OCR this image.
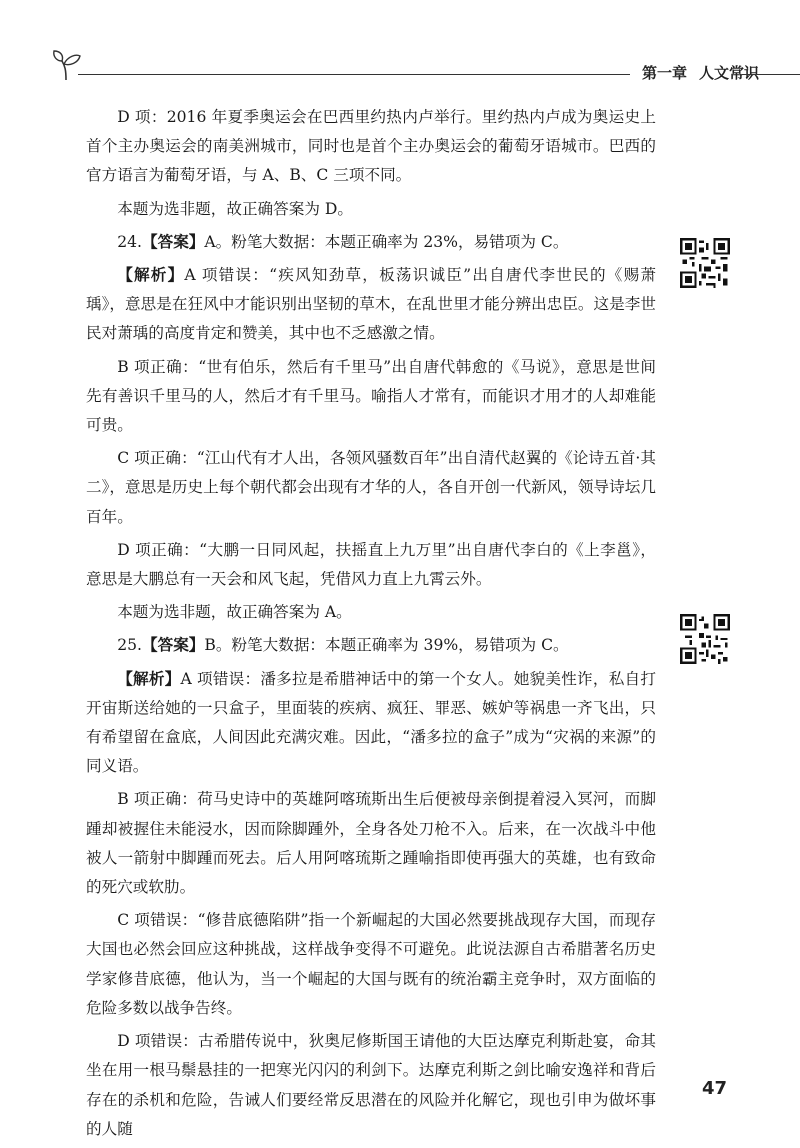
第一章 人文常识

D 项：2016 年夏季奥运会在巴西里约热内卢举行。里约热内卢成为奥运史上首个主办奥运会的南美洲城市，同时也是首个主办奥运会的葡萄牙语城市。巴西的官方语言为葡萄牙语，与 A、B、C 三项不同。

本题为选非题，故正确答案为 D。

24.【答案】A。粉笔大数据：本题正确率为 23%，易错项为 C。

【解析】A 项错误：“疾风知劲草，板荡识诚臣”出自唐代李世民的《赐萧瑀》，意思是在狂风中才能识别出坚韧的草木，在乱世里才能分辨出忠臣。这是李世民对萧瑀的高度肯定和赞美，其中也不乏感激之情。

B 项正确：“世有伯乐，然后有千里马”出自唐代韩愈的《马说》，意思是世间先有善识千里马的人，然后才有千里马。喻指人才常有，而能识才用才的人却难能可贵。

C 项正确：“江山代有才人出，各领风骚数百年”出自清代赵翼的《论诗五首·其二》，意思是历史上每个朝代都会出现有才华的人，各自开创一代新风，领导诗坛几百年。

D 项正确：“大鹏一日同风起，扶摇直上九万里”出自唐代李白的《上李邕》，意思是大鹏总有一天会和风飞起，凭借风力直上九霄云外。

本题为选非题，故正确答案为 A。

25.【答案】B。粉笔大数据：本题正确率为 39%，易错项为 C。

【解析】A 项错误：潘多拉是希腊神话中的第一个女人。她貌美性诈，私自打开宙斯送给她的一只盒子，里面装的疾病、疯狂、罪恶、嫉妒等祸患一齐飞出，只有希望留在盒底，人间因此充满灾难。因此，“潘多拉的盒子”成为“灾祸的来源”的同义语。

B 项正确：荷马史诗中的英雄阿喀琉斯出生后便被母亲倒提着浸入冥河，而脚踵却被握住未能浸水，因而除脚踵外，全身各处刀枪不入。后来，在一次战斗中他被人一箭射中脚踵而死去。后人用阿喀琉斯之踵喻指即使再强大的英雄，也有致命的死穴或软肋。

C 项错误：“修昔底德陷阱”指一个新崛起的大国必然要挑战现存大国，而现存大国也必然会回应这种挑战，这样战争变得不可避免。此说法源自古希腊著名历史学家修昔底德，他认为，当一个崛起的大国与既有的统治霸主竞争时，双方面临的危险多数以战争告终。

D 项错误：古希腊传说中，狄奥尼修斯国王请他的大臣达摩克利斯赴宴，命其坐在用一根马鬃悬挂的一把寒光闪闪的利剑下。达摩克利斯之剑比喻安逸祥和背后存在的杀机和危险，告诫人们要经常反思潜在的风险并化解它，现也引申为做坏事的人随

47
